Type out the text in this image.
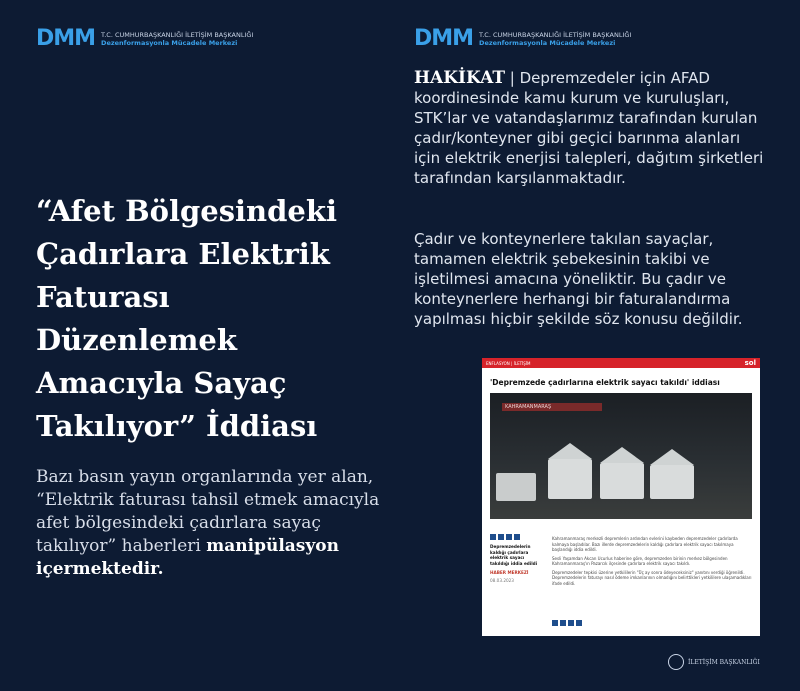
DMM T.C. CUMHURBAŞKANLIĞI İLETİŞİM BAŞKANLIĞI
Dezenformasyonla Mücadele Merkezi	DMM T.C. CUMHURBAŞKANLIĞI İLETİŞİM BAŞKANLIĞI
Dezenformasyonla Mücadele Merkezi
“Afet Bölgesindeki Çadırlara Elektrik Faturası Düzenlemek Amacıyla Sayaç Takılıyor” İddiası

Bazı basın yayın organlarında yer alan, “Elektrik faturası tahsil etmek amacıyla afet bölgesindeki çadırlara sayaç takılıyor” haberleri manipülasyon içermektedir.

HAKİKAT | Depremzedeler için AFAD koordinesinde kamu kurum ve kuruluşları, STK’lar ve vatandaşlarımız tarafından kurulan çadır/konteyner gibi geçici barınma alanları için elektrik enerjisi talepleri, dağıtım şirketleri tarafından karşılanmaktadır.

Çadır ve konteynerlere takılan sayaçlar, tamamen elektrik şebekesinin takibi ve işletilmesi amacına yöneliktir. Bu çadır ve konteynerlere herhangi bir faturalandırma yapılması hiçbir şekilde söz konusu değildir.

ENFLASYON | İLETİŞİM	sol
'Depremzede çadırlarına elektrik sayacı takıldı' iddiası
KAHRAMANMARAŞ
Depremzedelerin kaldığı çadırlara elektrik sayacı takıldığı iddia edildi
HABER MERKEZİ
08.03.2023

Kahramanmaraş merkezli depremlerin ardından evlerini kaybeden depremzedeler çadırlarda kalmaya başladılar. Bazı illerde depremzedelerin kaldığı çadırlara elektrik sayacı takılmaya başlandığı iddia edildi.

Sesli Yaşamdan Akcan Ucurlus haberine göre, depremzeden birinin merkez bölgesinden Kahramanmaraş'ın Pazarcık ilçesinde çadırlara elektrik sayacı takıldı.

Depremzedeler tepkisi üzerine yetkililerin "Üç ay sonra ödeyeceksiniz" yanıtını verdiği öğrenildi. Depremzedelerin faturayı nasıl ödeme imkanlarının olmadığını belirttikleri yetkililere ulaşamadıkları ifade edildi.

İLETİŞİM BAŞKANLIĞI
